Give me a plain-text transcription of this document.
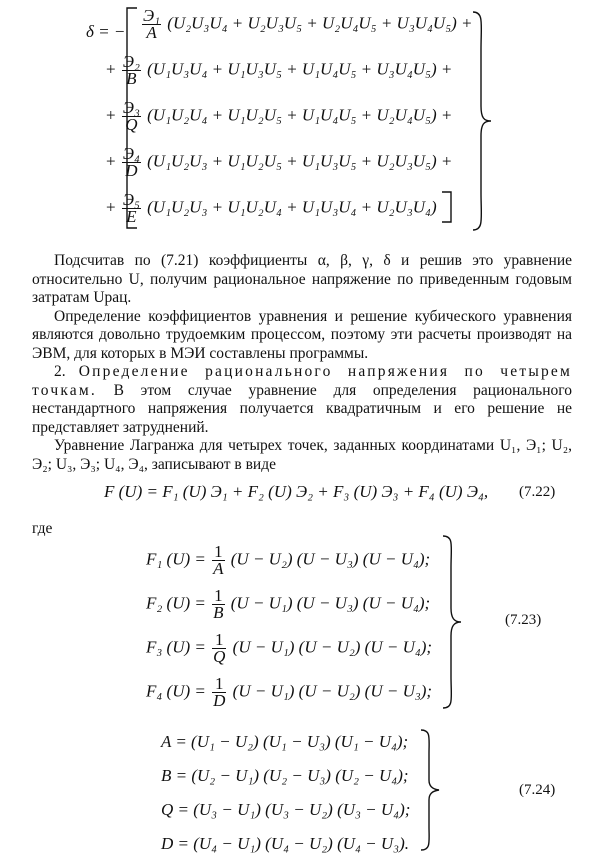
δ = − $\frac{\text{Э₁}}{A} (U_2U_3U_4 + U_2U_3U_5 + U_2U_4U_5 + U_3U_4U_5)$ +
+ $\frac{\text{Э₂}}{B} (U_1U_3U_4 + U_1U_3U_5 + U_1U_4U_5 + U_3U_4U_5)$ +
+ $\frac{\text{Э₃}}{Q} (U_1U_2U_4 + U_1U_2U_5 + U_1U_4U_5 + U_2U_4U_5)$ +
+ $\frac{\text{Э₄}}{D} (U_1U_2U_3 + U_1U_2U_5 + U_1U_3U_5 + U_2U_3U_5)$ +
+ $\frac{\text{Э₅}}{E} (U_1U_2U_3 + U_1U_2U_4 + U_1U_3U_4 + U_2U_3U_4)$

Подсчитав по (7.21) коэффициенты α, β, γ, δ и решив это уравнение относительно U, получим рациональное напряжение по приведенным годовым затратам Uрац.

Определение коэффициентов уравнения и решение кубического уравнения являются довольно трудоемким процессом, поэтому эти расчеты производят на ЭВМ, для которых в МЭИ составлены программы.

2. Определение рационального напряжения по четырем точкам. В этом случае уравнение для определения рационального нестандартного напряжения получается квадратичным и его решение не представляет затруднений.

Уравнение Лагранжа для четырех точек, заданных координатами U₁, Э₁; U₂, Э₂; U₃, Э₃; U₄, Э₄, записывают в виде

F (U) = F₁ (U) Э₁ + F₂ (U) Э₂ + F₃ (U) Э₃ + F₄ (U) Э₄, (7.22)
где
F₁ $(U) = \frac{1}{A} (U - U_2) (U - U_3) (U - U_4)$;
F₂ $(U) = \frac{1}{B} (U - U_1) (U - U_3) (U - U_4)$;
F₃ $(U) = \frac{1}{Q} (U - U_1) (U - U_2) (U - U_4)$;
F₄ $(U) = \frac{1}{D} (U - U_1) (U - U_2) (U - U_3)$;
(7.23)
A = (U₁ − U₂) (U₁ − U₃) (U₁ − U₄);
B = (U₂ − U₁) (U₂ − U₃) (U₂ − U₄);
Q = (U₃ − U₁) (U₃ − U₂) (U₃ − U₄);
D = (U₄ − U₁) (U₄ − U₂) (U₄ − U₃).
(7.24)
